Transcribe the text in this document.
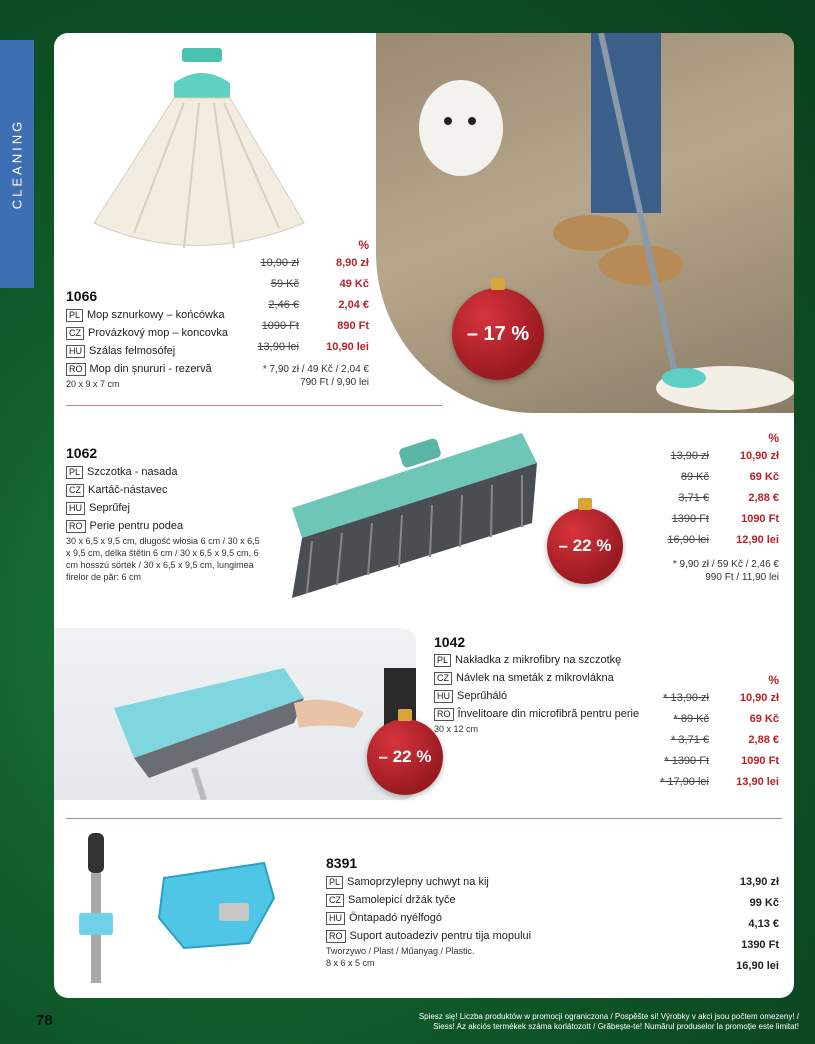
CLEANING
1066
PL Mop sznurkowy – końcówka
CZ Provázkový mop – koncovka
HU Szálas felmosófej
RO Mop din șnururi - rezervă
20 x 9 x 7 cm
%
10,90 zł	8,90 zł
59 Kč	49 Kč
2,46 €	2,04 €
1090 Ft	890 Ft
13,90 lei	10,90 lei
* 7,90 zł / 49 Kč / 2,04 €
790 Ft / 9,90 lei
– 17 %
1062
PL Szczotka - nasada
CZ Kartáč-nástavec
HU Seprűfej
RO Perie pentru podea
30 x 6,5 x 9,5 cm, długość włosia 6 cm / 30 x 6,5 x 9,5 cm, délka štětin 6 cm / 30 x 6,5 x 9,5 cm, 6 cm hosszú sörték / 30 x 6,5 x 9,5 cm, lungimea firelor de păr: 6 cm
– 22 %
%
13,90 zł	10,90 zł
89 Kč	69 Kč
3,71 €	2,88 €
1390 Ft	1090 Ft
16,90 lei	12,90 lei
* 9,90 zł / 59 Kč / 2,46 €
990 Ft / 11,90 lei
– 22 %
1042
PL Nakładka z mikrofibry na szczotkę
CZ Návlek na smeták z mikrovlákna
HU Seprűháló
RO Învelitoare din microfibră pentru perie
30 x 12 cm
%
* 13,90 zł	10,90 zł
* 89 Kč	69 Kč
* 3,71 €	2,88 €
* 1390 Ft	1090 Ft
* 17,90 lei	13,90 lei
8391
PL Samoprzylepny uchwyt na kij
CZ Samolepicí držák tyče
HU Öntapadó nyélfogó
RO Suport autoadeziv pentru tija mopului
Tworzywo / Plast / Műanyag / Plastic.
8 x 6 x 5 cm
13,90 zł
99 Kč
4,13 €
1390 Ft
16,90 lei
78	Spiesz się! Liczba produktów w promocji ograniczona / Pospěšte si! Výrobky v akci jsou počtem omezeny! /
Siess! Az akciós termékek száma korlátozott / Grăbește-te! Numărul produselor la promoție este limitat!
